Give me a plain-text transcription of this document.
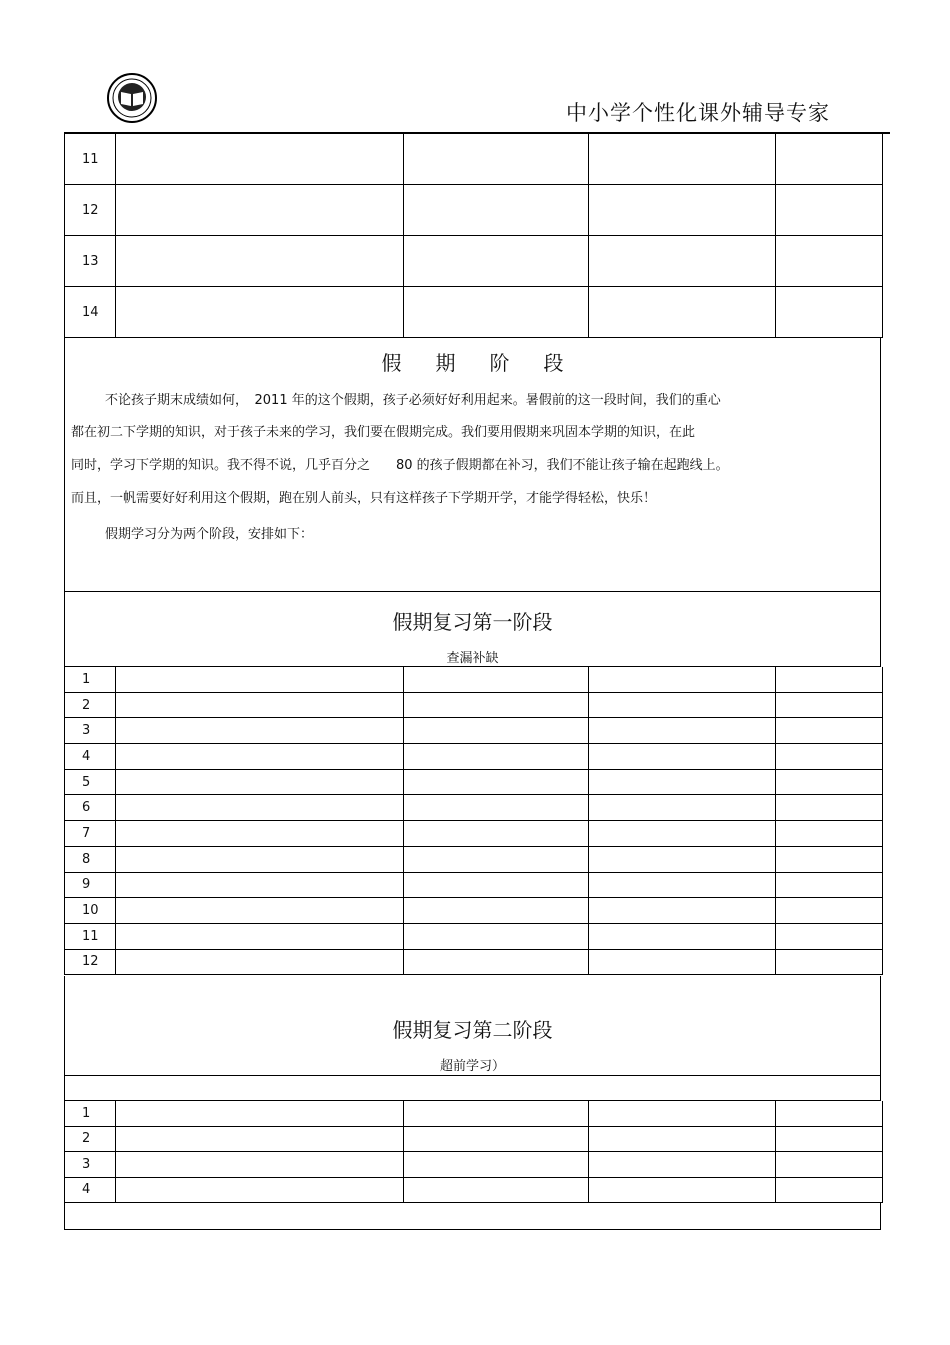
中小学个性化课外辅导专家
11
12
13
14
假期阶段
不论孩子期末成绩如何，　2011 年的这个假期，孩子必须好好利用起来。暑假前的这一段时间，我们的重心
都在初二下学期的知识，对于孩子未来的学习，我们要在假期完成。我们要用假期来巩固本学期的知识，在此
同时，学习下学期的知识。我不得不说，几乎百分之　　80 的孩子假期都在补习，我们不能让孩子输在起跑线上。
而且，一帆需要好好利用这个假期，跑在别人前头，只有这样孩子下学期开学，才能学得轻松，快乐！
假期学习分为两个阶段，安排如下：
假期复习第一阶段
查漏补缺
1
2
3
4
5
6
7
8
9
10
11
12
假期复习第二阶段
超前学习）
1
2
3
4
